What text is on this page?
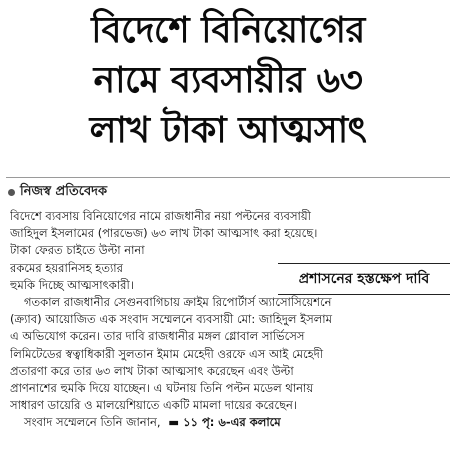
বিদেশে বিনিয়োগের
নামে ব্যবসায়ীর ৬৩
লাখ টাকা আত্মসাৎ
নিজস্ব প্রতিবেদক
বিদেশে ব্যবসায় বিনিয়োগের নামে রাজধানীর নয়া পল্টনের ব্যবসায়ী
জাহিদুল ইসলামের (পারভেজ) ৬৩ লাখ টাকা আত্মসাৎ করা হয়েছে।
টাকা ফেরত চাইতে উল্টা নানা
রকমের হয়রানিসহ হত্যার
হুমকি দিচ্ছে আত্মসাৎকারী।
গতকাল রাজধানীর সেগুনবাগিচায় ক্রাইম রিপোর্টার্স অ্যাসোসিয়েশনে
(ক্র্যাব) আয়োজিত এক সংবাদ সম্মেলনে ব্যবসায়ী মো: জাহিদুল ইসলাম
এ অভিযোগ করেন। তার দাবি রাজধানীর মঙ্গল গ্লোবাল সার্ভিসেস
লিমিটেডের স্বত্বাধিকারী সুলতান ইমাম মেহেদী ওরফে এস আই মেহেদী
প্রতারণা করে তার ৬৩ লাখ টাকা আত্মসাৎ করেছেন এবং উল্টা
প্রাণনাশের হুমকি দিয়ে যাচ্ছেন। এ ঘটনায় তিনি পল্টন মডেল থানায়
সাধারণ ডায়েরি ও মালয়েশিয়াতে একটি মামলা দায়ের করেছেন।
সংবাদ সম্মেলনে তিনি জানান,  ▬ ১১ পৃ: ৬-এর কলামে
প্রশাসনের হস্তক্ষেপ দাবি
